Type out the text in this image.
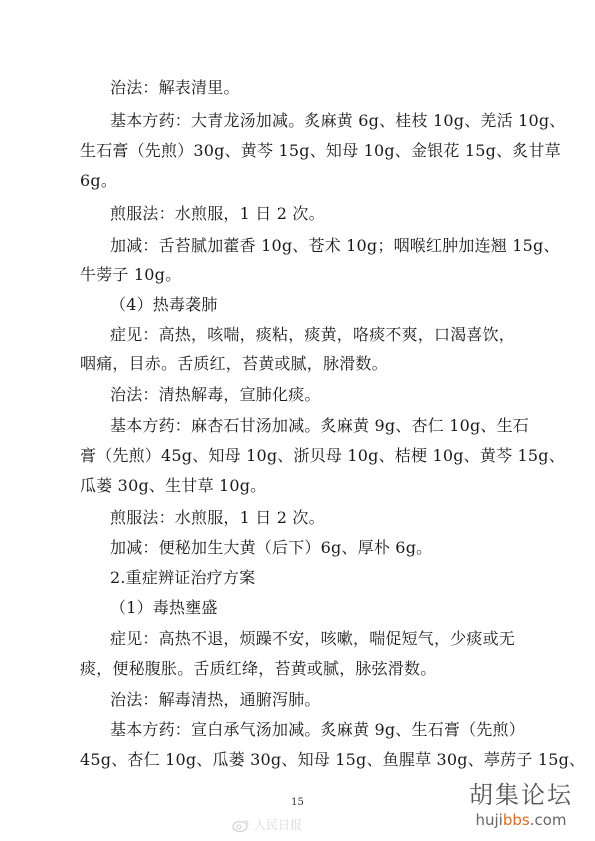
治法：解表清里。
基本方药：大青龙汤加减。炙麻黄 6g、桂枝 10g、羌活 10g、
生石膏（先煎）30g、黄芩 15g、知母 10g、金银花 15g、炙甘草
6g。
煎服法：水煎服，1 日 2 次。
加减：舌苔腻加藿香 10g、苍术 10g；咽喉红肿加连翘 15g、
牛蒡子 10g。
（4）热毒袭肺
症见：高热，咳喘，痰粘，痰黄，咯痰不爽，口渴喜饮，
咽痛，目赤。舌质红，苔黄或腻，脉滑数。
治法：清热解毒，宣肺化痰。
基本方药：麻杏石甘汤加减。炙麻黄 9g、杏仁 10g、生石
膏（先煎）45g、知母 10g、浙贝母 10g、桔梗 10g、黄芩 15g、
瓜蒌 30g、生甘草 10g。
煎服法：水煎服，1 日 2 次。
加减：便秘加生大黄（后下）6g、厚朴 6g。
2.重症辨证治疗方案
（1）毒热壅盛
症见：高热不退，烦躁不安，咳嗽，喘促短气，少痰或无
痰，便秘腹胀。舌质红绛，苔黄或腻，脉弦滑数。
治法：解毒清热，通腑泻肺。
基本方药：宣白承气汤加减。炙麻黄 9g、生石膏（先煎）
45g、杏仁 10g、瓜蒌 30g、知母 15g、鱼腥草 30g、葶苈子 15g、
15
人民日报
胡集论坛
hujibbs.com
